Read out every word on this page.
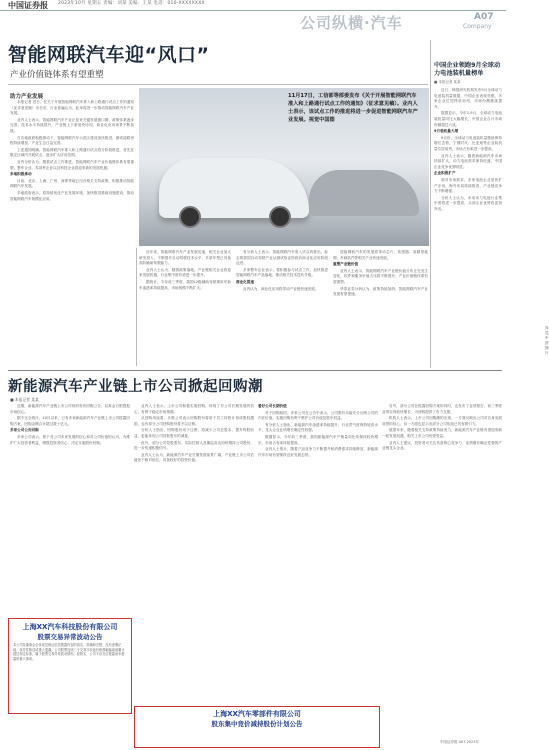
中国证券报 2023年10月 星期五 责编：刘某 美编：王某 电话：010-XXXXXXXX
公司纵横·汽车	A07
Company
智能网联汽车迎“风口”
产业价值链体系有望重塑
助力产业发展

本报记者 近日，在关于开展智能网联汽车准入和上路通行试点工作的通知（征求意见稿）出台后，行业普遍认为，此举将进一步推动智能网联汽车产业发展。

业内人士表示，智能网联汽车产业正迎来关键发展窗口期，政策体系逐步完善，技术水平持续提升，产业链上下游加快协同，商业化应用场景不断拓展。

在各地政府积极推动下，智能网联汽车示范区建设加快推进，测试道路里程持续增加，产业生态日益完善。

上述通知明确，智能网联汽车准入和上路通行试点将分阶段推进，首先在限定区域内开展试点，逐步扩大应用范围。

业内分析认为，随着试点工作推进，智能网联汽车产业价值链体系有望重塑，整车企业、零部件企业以及科技企业将迎来新的发展机遇。

多地积极推动

目前，北京、上海、广州、深圳等地已出台相关支持政策，积极推动智能网联汽车发展。

多地政府表示，将持续优化产业发展环境，加快推进基础设施建设，推动智能网联汽车规模化应用。

视觉中国图片
11月17日，工信部等部委发布《关于开展智能网联汽车准入和上路通行试点工作的通知》（征求意见稿）。业内人士表示，该试点工作的推进将进一步促进智能网联汽车产业发展。视觉中国图

近年来，智能网联汽车产业发展迅速，相关企业加大研发投入，不断提升自动驾驶技术水平，多款车型已具备高阶辅助驾驶能力。

业内人士认为，随着政策落地，产业链相关企业将迎来发展机遇，行业集中度有望进一步提升。

据统计，今年前三季度，我国L2级辅助驾驶乘用车新车渗透率持续提高，市场规模不断扩大。

有分析人士表示，智能网联汽车准入试点的推出，标志着我国自动驾驶产业从测试验证阶段向商业化应用阶段迈进。

多家整车企业表示，将积极参与试点工作，加快推进智能网联汽车产品落地，推动相关技术迭代升级。

商业化提速

业内认为，商业化应用将带动产业链快速发展。

智能网联汽车的发展将带动芯片、传感器、高精度地图、车载软件等相关产业快速发展。

重塑产业链价值

业内人士表示，智能网联汽车产业链价值分布正在发生变化，软件和服务价值占比将不断提升，产业价值链体系有望重塑。

华泰证券分析认为，政策持续加码，智能网联汽车产业发展有望提速。

中国企业领跑9月全球动力电池装机量榜单
■ 本报记者 某某

近日，韩国研究机构发布9月全球动力电池装机量数据，中国企业表现亮眼，多家企业位居榜单前列，市场份额继续提升。

数据显示，今年1-9月，全球动力电池装机量同比大幅增长，中国企业合计市场份额超过六成。

9月装机量大增

9月份，全球动力电池装机量继续保持增长态势，宁德时代、比亚迪等企业装机量位居前列，市场占有率进一步提高。

业内人士表示，随着新能源汽车市场持续扩大，动力电池需求保持旺盛，中国企业竞争优势明显。

企业积极扩产

面对市场需求，多家电池企业加快扩产步伐，海外布局持续推进，产业链竞争力不断增强。

分析人士认为，未来动力电池行业集中度将进一步提高，头部企业优势将更加突出。

新能源汽车产业链上市公司掀起回购潮
■ 本报记者 某某

近期，新能源汽车产业链上市公司纷纷发布回购公告，以真金白银提振市场信心。

据不完全统计，10月以来，已有多家新能源汽车产业链上市公司披露回购方案，回购金额合计超过数十亿元。

多家公司公告回购

多家公司表示，基于对公司未来发展的信心和对公司价值的认可，为维护广大投资者利益，增强投资者信心，决定实施股份回购。

业内人士表示，上市公司积极实施回购，体现了对公司长期发展的信心，有利于稳定市场预期。

从回购用途看，多数公司表示回购股份将用于员工持股计划或股权激励，也有部分公司回购股份将予以注销。

分析人士指出，回购股份用于注销，将减少公司总股本，提升每股收益，更能体现公司回报股东的诚意。

此外，部分公司控股股东、实际控制人及董监高也纷纷增持公司股份，进一步传递积极信号。

业内人士认为，新能源汽车产业长期发展前景广阔，产业链上市公司估值处于相对低位，具备较好的投资价值。

看好公司长期价值

对于回购原因，多家公司在公告中表示，公司股价未能充分反映公司的内在价值，实施回购有利于维护公司价值及股东权益。

有分析人士指出，新能源汽车渗透率持续提升，行业景气度保持较高水平，龙头企业业绩增长确定性较强。

数据显示，今年前三季度，我国新能源汽车产销量同比均保持较快增长，市场占有率持续提高。

业内人士预计，随着产品竞争力不断提升和消费需求持续释放，新能源汽车市场有望保持良好发展态势。

另外，部分公司在披露回购方案的同时，也发布了业绩预告，前三季度业绩实现较快增长，为回购提供了有力支撑。

机构人士表示，上市公司回购潮的出现，一方面反映出公司对自身发展前景的信心，另一方面也显示出部分公司估值已具有吸引力。

展望未来，随着相关支持政策持续发力，新能源汽车产业链有望迎来新一轮发展机遇，相关上市公司有望受益。

业内人士建议，投资者可关注具备核心竞争力、业绩增长确定性强的产业链龙头企业。

上海XX汽车科技股份有限公司
股票交易异常波动公告
本公司及董事会全体成员保证信息披露内容的真实、准确和完整，没有虚假记载、误导性陈述或重大遗漏。公司股票连续三个交易日收盘价格涨幅偏离值累计超过规定标准，属于股票交易异常波动情形。经核实，公司不存在应披露而未披露的重大事项。
上海XX汽车零部件有限公司
股东集中竞价减持股份计划公告
中国证券报 A07 2023年
